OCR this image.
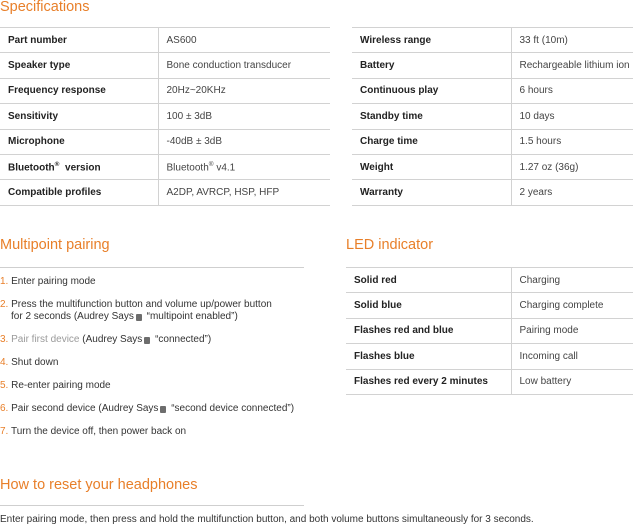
Specifications
Part number	AS600
Speaker type	Bone conduction transducer
Frequency response	20Hz~20KHz
Sensitivity	100 ± 3dB
Microphone	-40dB ± 3dB
Bluetooth® version	Bluetooth® v4.1
Compatible profiles	A2DP, AVRCP, HSP, HFP
Wireless range	33 ft (10m)
Battery	Rechargeable lithium ion
Continuous play	6 hours
Standby time	10 days
Charge time	1.5 hours
Weight	1.27 oz (36g)
Warranty	2 years
Multipoint pairing
1. Enter pairing mode
2. Press the multifunction button and volume up/power button
for 2 seconds (Audrey Says “multipoint enabled”)
3. Pair first device (Audrey Says “connected”)
4. Shut down
5. Re-enter pairing mode
6. Pair second device (Audrey Says “second device connected”)
7. Turn the device off, then power back on
LED indicator
Solid red	Charging
Solid blue	Charging complete
Flashes red and blue	Pairing mode
Flashes blue	Incoming call
Flashes red every 2 minutes	Low battery
How to reset your headphones
Enter pairing mode, then press and hold the multifunction button, and both volume buttons simultaneously for 3 seconds.
